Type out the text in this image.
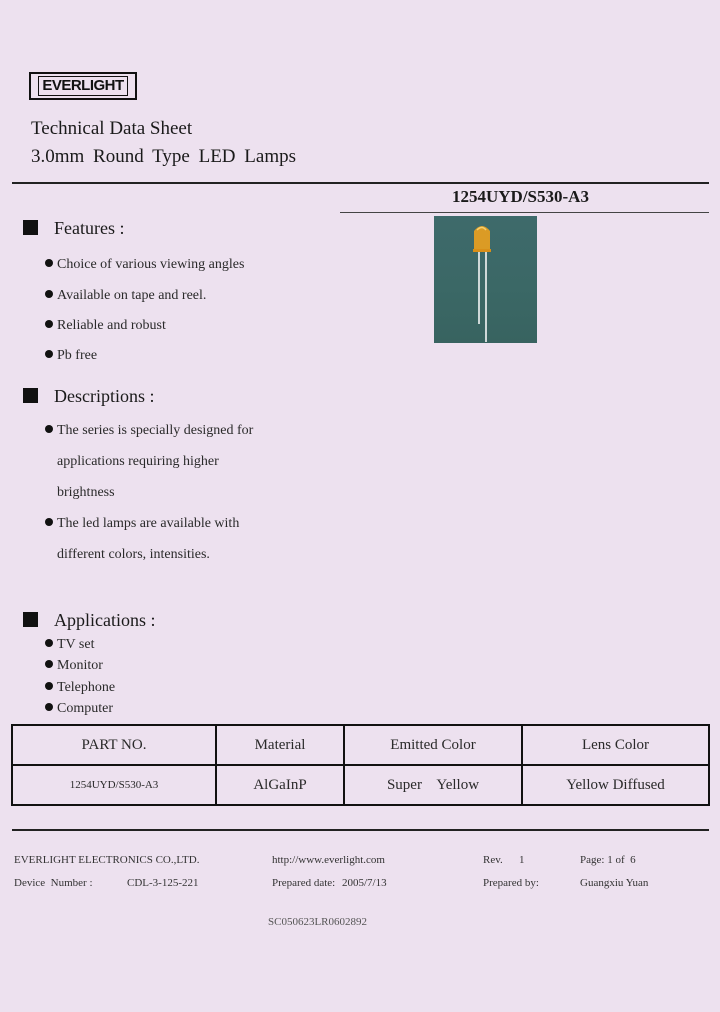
EVERLIGHT
Technical Data Sheet
3.0mm Round Type LED Lamps
1254UYD/S530-A3
Features :
Choice of various viewing angles
Available on tape and reel.
Reliable and robust
Pb free
Descriptions :
The series is specially designed for
applications requiring higher
brightness
The led lamps are available with
different colors, intensities.
Applications :
TV set
Monitor
Telephone
Computer
PART NO.	Material	Emitted Color	Lens Color
1254UYD/S530-A3	AlGaInP	Super    Yellow	Yellow Diffused
EVERLIGHT ELECTRONICS CO.,LTD.	http://www.everlight.com	Rev. 1	Page: 1 of  6
Device  Number :	CDL-3-125-221	Prepared date: 2005/7/13	Prepared by:	Guangxiu Yuan
SC050623LR0602892
